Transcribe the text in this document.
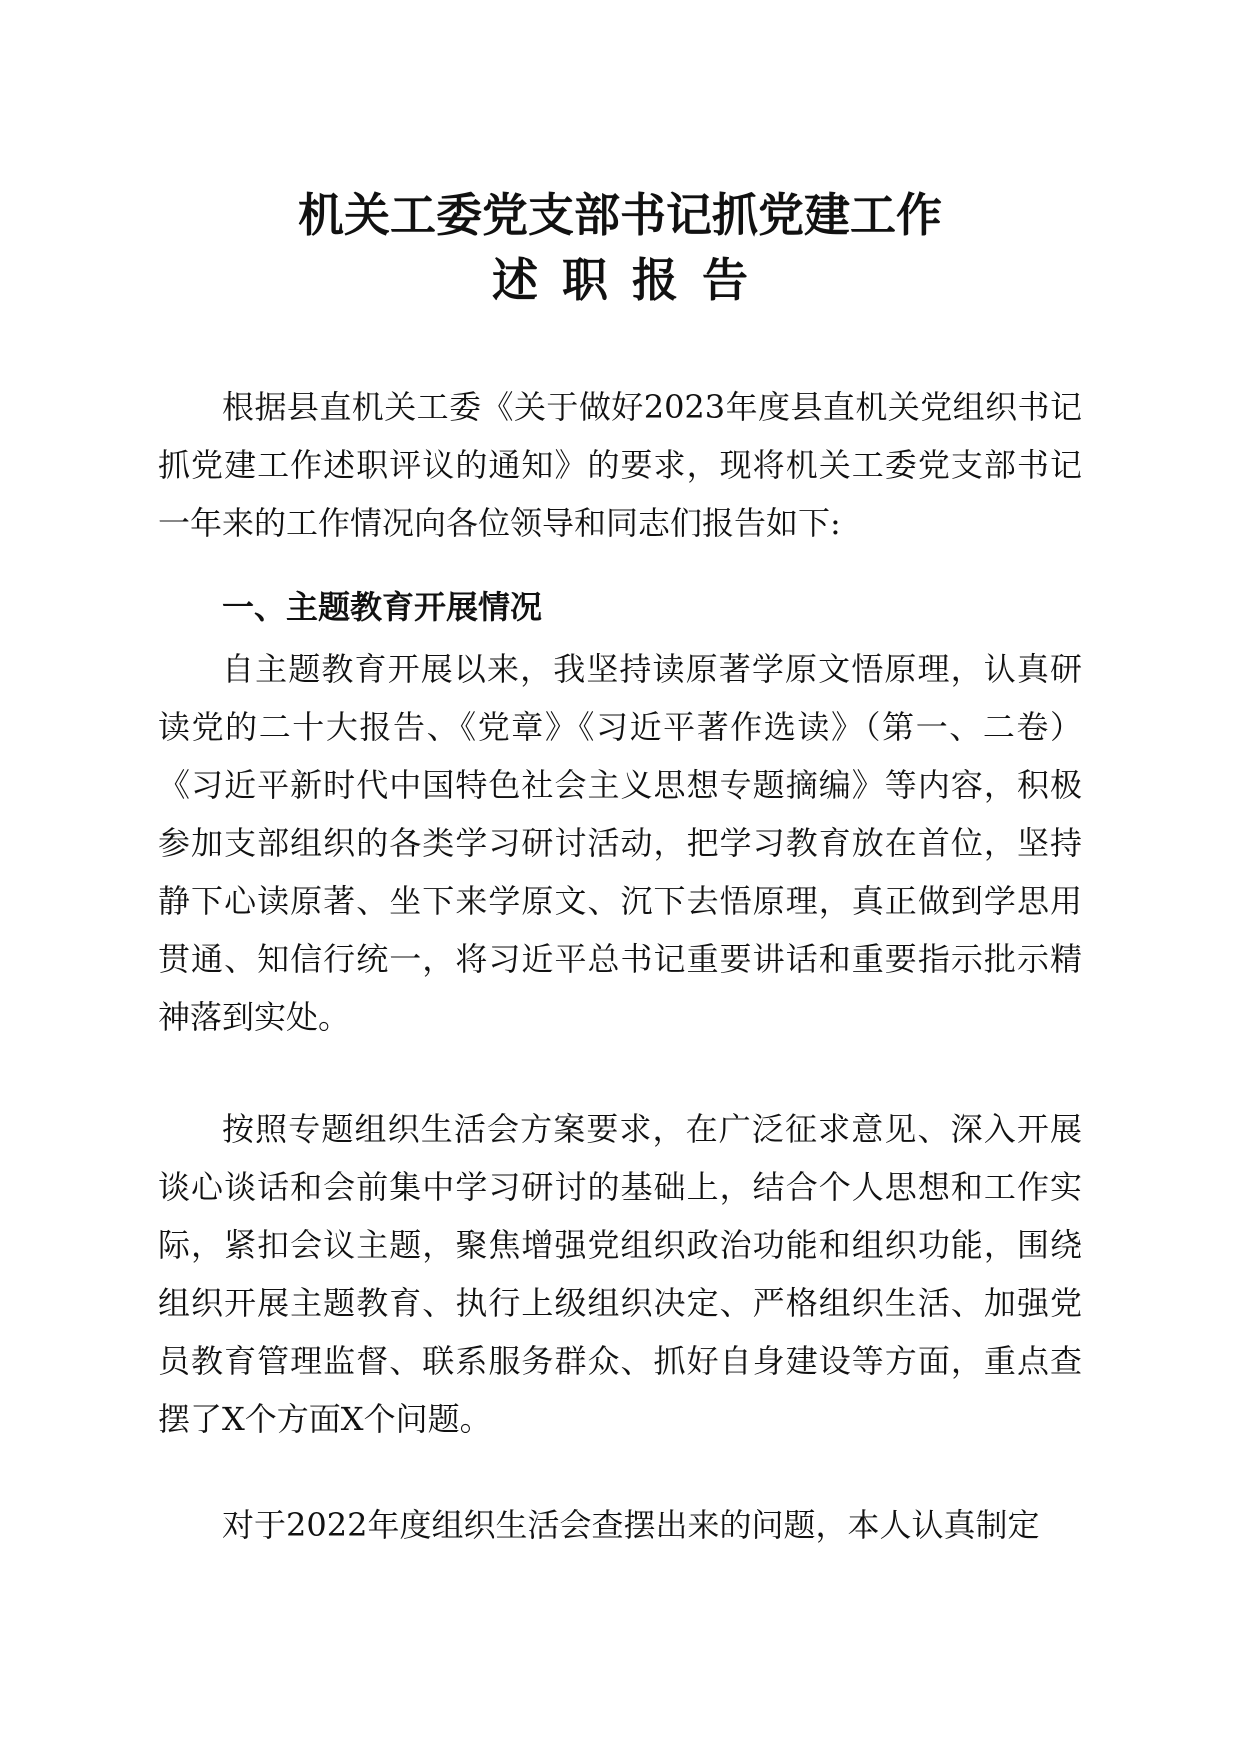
机关工委党支部书记抓党建工作
述职报告

根据县直机关工委《关于做好2023年度县直机关党组织书记抓党建工作述职评议的通知》的要求，现将机关工委党支部书记一年来的工作情况向各位领导和同志们报告如下:

一、主题教育开展情况

自主题教育开展以来，我坚持读原著学原文悟原理，认真研读党的二十大报告、《党章》《习近平著作选读》（第一、二卷）《习近平新时代中国特色社会主义思想专题摘编》等内容，积极参加支部组织的各类学习研讨活动，把学习教育放在首位，坚持静下心读原著、坐下来学原文、沉下去悟原理，真正做到学思用贯通、知信行统一，将习近平总书记重要讲话和重要指示批示精神落到实处。

按照专题组织生活会方案要求，在广泛征求意见、深入开展谈心谈话和会前集中学习研讨的基础上，结合个人思想和工作实际，紧扣会议主题，聚焦增强党组织政治功能和组织功能，围绕组织开展主题教育、执行上级组织决定、严格组织生活、加强党员教育管理监督、联系服务群众、抓好自身建设等方面，重点查摆了X个方面X个问题。

对于2022年度组织生活会查摆出来的问题，本人认真制定
